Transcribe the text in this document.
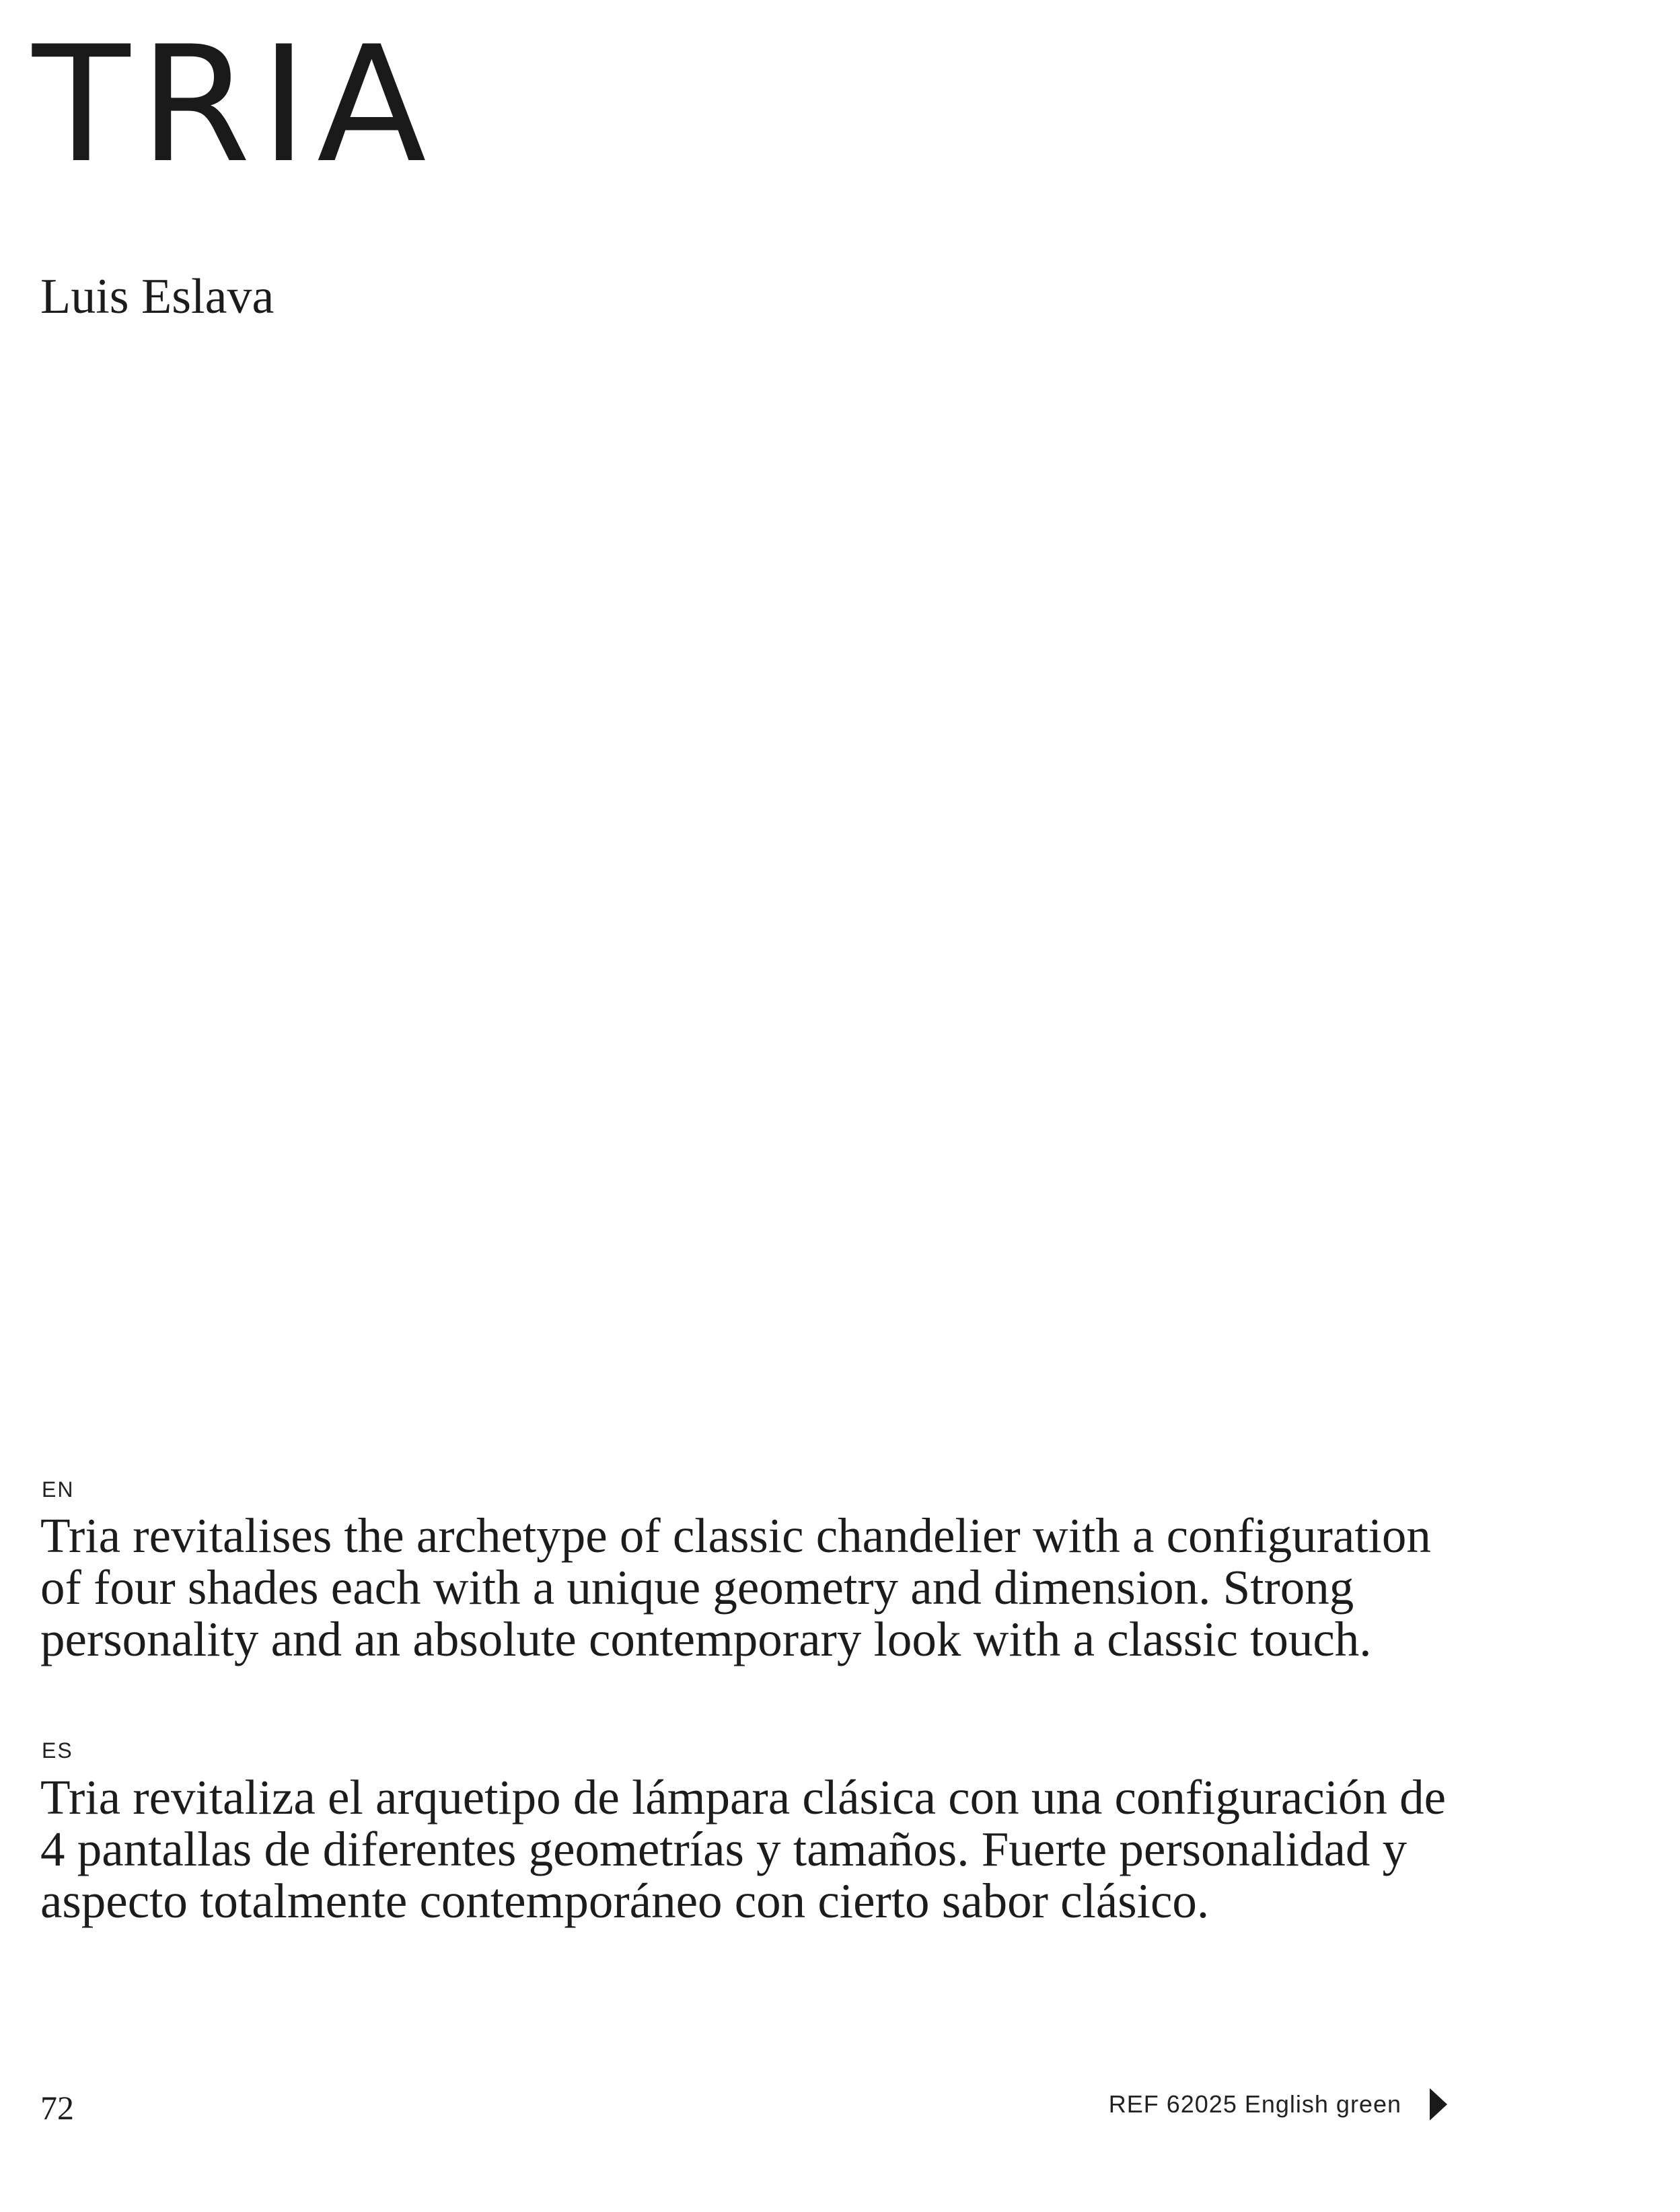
TRIA
Luis Eslava
EN

Tria revitalises the archetype of classic chandelier with a configuration of four shades each with a unique geometry and dimension. Strong personality and an absolute contemporary look with a classic touch.

ES

Tria revitaliza el arquetipo de lámpara clásica con una configuración de 4 pantallas de diferentes geometrías y tamaños. Fuerte personalidad y aspecto totalmente contemporáneo con cierto sabor clásico.

72	REF 62025 English green
